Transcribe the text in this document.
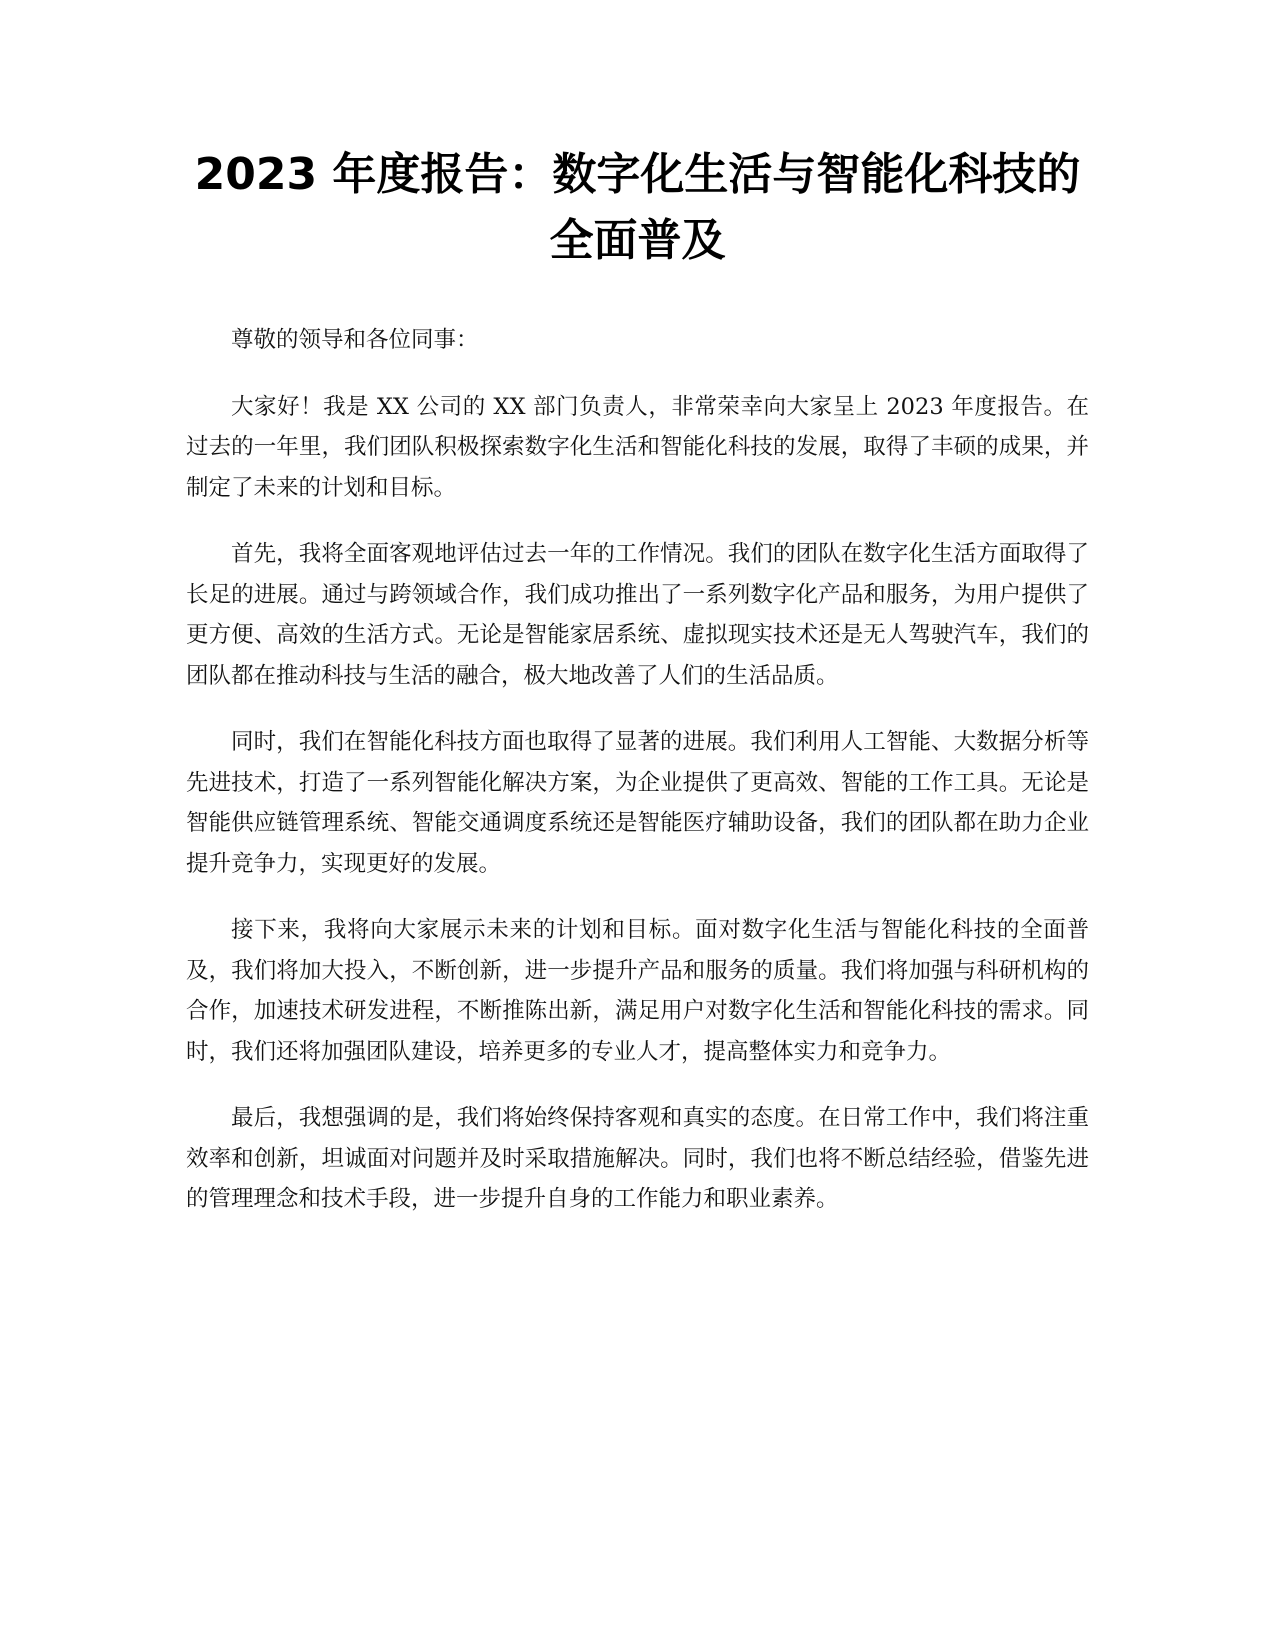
2023 年度报告：数字化生活与智能化科技的
全面普及

尊敬的领导和各位同事：

大家好！我是 XX 公司的 XX 部门负责人，非常荣幸向大家呈上 2023 年度报告。在过去的一年里，我们团队积极探索数字化生活和智能化科技的发展，取得了丰硕的成果，并制定了未来的计划和目标。

首先，我将全面客观地评估过去一年的工作情况。我们的团队在数字化生活方面取得了长足的进展。通过与跨领域合作，我们成功推出了一系列数字化产品和服务，为用户提供了更方便、高效的生活方式。无论是智能家居系统、虚拟现实技术还是无人驾驶汽车，我们的团队都在推动科技与生活的融合，极大地改善了人们的生活品质。

同时，我们在智能化科技方面也取得了显著的进展。我们利用人工智能、大数据分析等先进技术，打造了一系列智能化解决方案，为企业提供了更高效、智能的工作工具。无论是智能供应链管理系统、智能交通调度系统还是智能医疗辅助设备，我们的团队都在助力企业提升竞争力，实现更好的发展。

接下来，我将向大家展示未来的计划和目标。面对数字化生活与智能化科技的全面普及，我们将加大投入，不断创新，进一步提升产品和服务的质量。我们将加强与科研机构的合作，加速技术研发进程，不断推陈出新，满足用户对数字化生活和智能化科技的需求。同时，我们还将加强团队建设，培养更多的专业人才，提高整体实力和竞争力。

最后，我想强调的是，我们将始终保持客观和真实的态度。在日常工作中，我们将注重效率和创新，坦诚面对问题并及时采取措施解决。同时，我们也将不断总结经验，借鉴先进的管理理念和技术手段，进一步提升自身的工作能力和职业素养。
